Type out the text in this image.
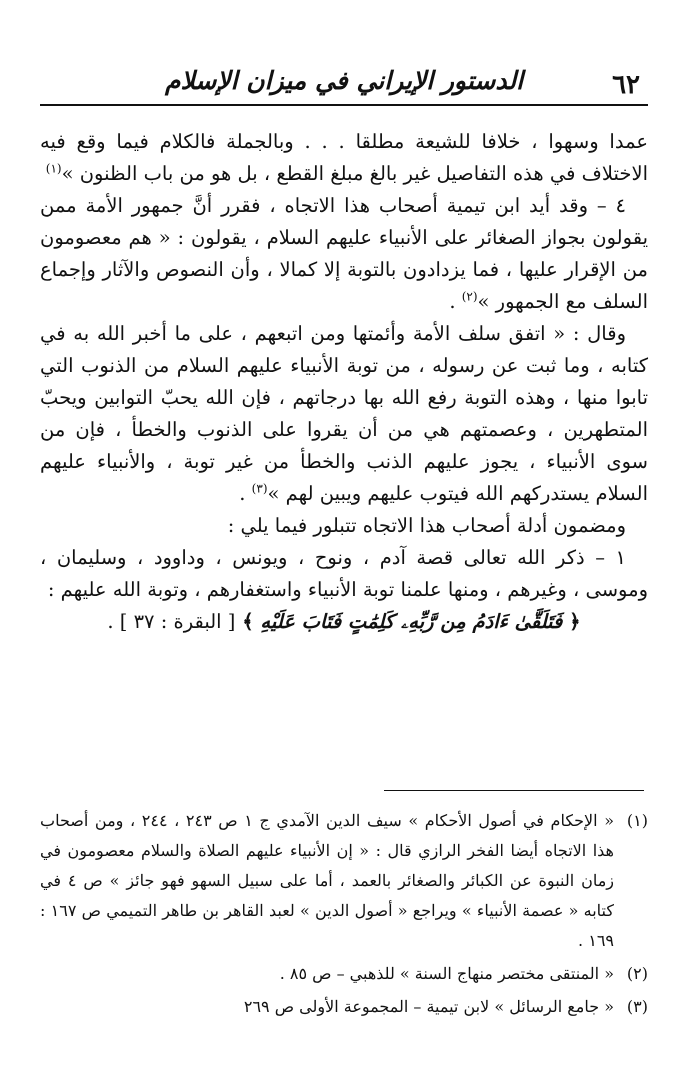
٦٢
الدستور الإيراني في ميزان الإسلام

عمدا وسهوا ، خلافا للشيعة مطلقا . . . وبالجملة فالكلام فيما وقع فيه الاختلاف في هذه التفاصيل غير بالغ مبلغ القطع ، بل هو من باب الظنون »$^{(١)}$

٤ – وقد أيد ابن تيمية أصحاب هذا الاتجاه ، فقرر أنَّ جمهور الأمة ممن يقولون بجواز الصغائر على الأنبياء عليهم السلام ، يقولون : « هم معصومون من الإقرار عليها ، فما يزدادون بالتوبة إلا كمالا ، وأن النصوص والآثار وإجماع السلف مع الجمهور »$^{(٢)}$ .

وقال : « اتفق سلف الأمة وأئمتها ومن اتبعهم ، على ما أخبر الله به في كتابه ، وما ثبت عن رسوله ، من توبة الأنبياء عليهم السلام من الذنوب التي تابوا منها ، وهذه التوبة رفع الله بها درجاتهم ، فإن الله يحبّ التوابين ويحبّ المتطهرين ، وعصمتهم هي من أن يقروا على الذنوب والخطأ ، فإن من سوى الأنبياء ، يجوز عليهم الذنب والخطأ من غير توبة ، والأنبياء عليهم السلام يستدركهم الله فيتوب عليهم ويبين لهم »$^{(٣)}$ .

ومضمون أدلة أصحاب هذا الاتجاه تتبلور فيما يلي :

١ – ذكر الله تعالى قصة آدم ، ونوح ، ويونس ، وداوود ، وسليمان ، وموسى ، وغيرهم ، ومنها علمنا توبة الأنبياء واستغفارهم ، وتوبة الله عليهم :

﴿ فَتَلَقَّىٰ ءَادَمُ مِن رَّبِّهِۦ كَلِمَٰتٍ فَتَابَ عَلَيْهِ ﴾ [ البقرة : ٣٧ ] .

(١)
« الإحكام في أصول الأحكام » سيف الدين الآمدي ج ١ ص ٢٤٣ ، ٢٤٤ ، ومن أصحاب هذا الاتجاه أيضا الفخر الرازي قال : « إن الأنبياء عليهم الصلاة والسلام معصومون في زمان النبوة عن الكبائر والصغائر بالعمد ، أما على سبيل السهو فهو جائز » ص ٤ في كتابه « عصمة الأنبياء » ويراجع « أصول الدين » لعبد القاهر بن طاهر التميمي ص ١٦٧ : ١٦٩ .
(٢)
« المنتقى مختصر منهاج السنة » للذهبي – ص ٨٥ .
(٣)
« جامع الرسائل » لابن تيمية – المجموعة الأولى ص ٢٦٩
